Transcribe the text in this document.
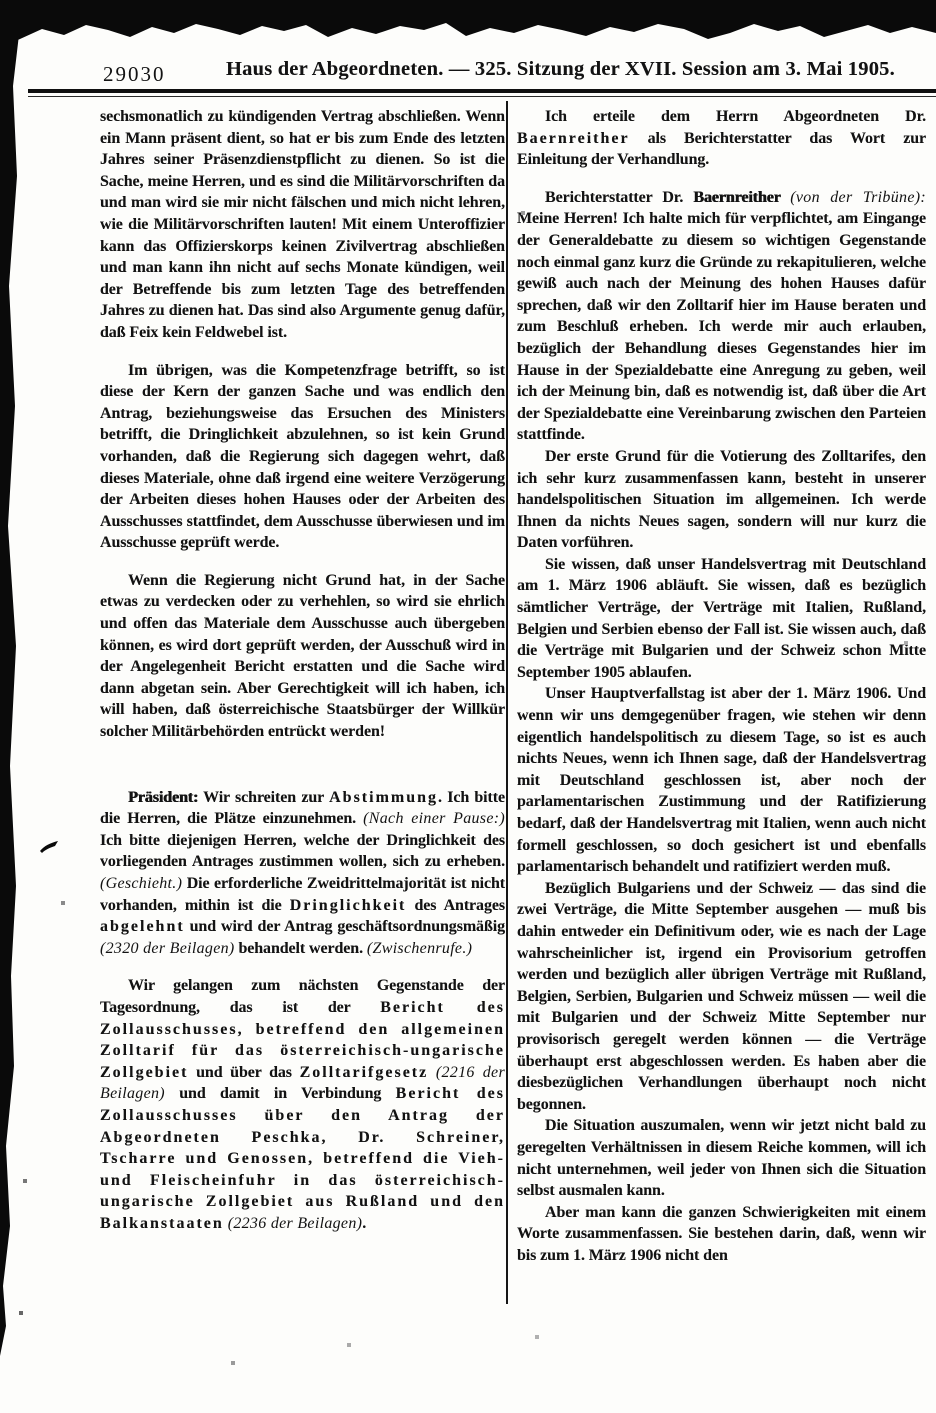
29030	Haus der Abgeordneten. — 325. Sitzung der XVII. Session am 3. Mai 1905.

sechsmonatlich zu kündigenden Vertrag abschließen. Wenn ein Mann präsent dient, so hat er bis zum Ende des letzten Jahres seiner Präsenzdienstpflicht zu dienen. So ist die Sache, meine Herren, und es sind die Militärvorschriften da und man wird sie mir nicht fälschen und mich nicht lehren, wie die Militärvorschriften lauten! Mit einem Unteroffizier kann das Offizierskorps keinen Zivilvertrag abschließen und man kann ihn nicht auf sechs Monate kündigen, weil der Betreffende bis zum letzten Tage des betreffenden Jahres zu dienen hat. Das sind also Argumente genug dafür, daß Feix kein Feldwebel ist.

Im übrigen, was die Kompetenzfrage betrifft, so ist diese der Kern der ganzen Sache und was endlich den Antrag, beziehungsweise das Ersuchen des Ministers betrifft, die Dringlichkeit abzulehnen, so ist kein Grund vorhanden, daß die Regierung sich dagegen wehrt, daß dieses Materiale, ohne daß irgend eine weitere Verzögerung der Arbeiten dieses hohen Hauses oder der Arbeiten des Ausschusses stattfindet, dem Ausschusse überwiesen und im Ausschusse geprüft werde.

Wenn die Regierung nicht Grund hat, in der Sache etwas zu verdecken oder zu verhehlen, so wird sie ehrlich und offen das Materiale dem Ausschusse auch übergeben können, es wird dort geprüft werden, der Ausschuß wird in der Angelegenheit Bericht erstatten und die Sache wird dann abgetan sein. Aber Gerechtigkeit will ich haben, ich will haben, daß österreichische Staatsbürger der Willkür solcher Militärbehörden entrückt werden!

Präsident: Wir schreiten zur Abstimmung. Ich bitte die Herren, die Plätze einzunehmen. (Nach einer Pause:) Ich bitte diejenigen Herren, welche der Dringlichkeit des vorliegenden Antrages zustimmen wollen, sich zu erheben. (Geschieht.) Die erforderliche Zweidrittelmajorität ist nicht vorhanden, mithin ist die Dringlichkeit des Antrages abgelehnt und wird der Antrag geschäftsordnungsmäßig (2320 der Beilagen) behandelt werden. (Zwischenrufe.)

Wir gelangen zum nächsten Gegenstande der Tagesordnung, das ist der Bericht des Zollausschusses, betreffend den allgemeinen Zolltarif für das österreichisch-ungarische Zollgebiet und über das Zolltarifgesetz (2216 der Beilagen) und damit in Verbindung Bericht des Zollausschusses über den Antrag der Abgeordneten Peschka, Dr. Schreiner, Tscharre und Genossen, betreffend die Vieh- und Fleischeinfuhr in das österreichisch-ungarische Zollgebiet aus Rußland und den Balkanstaaten (2236 der Beilagen).

Ich erteile dem Herrn Abgeordneten Dr. Baernreither als Berichterstatter das Wort zur Einleitung der Verhandlung.

Berichterstatter Dr. Baernreither (von der Tribüne): Meine Herren! Ich halte mich für verpflichtet, am Eingange der Generaldebatte zu diesem so wichtigen Gegenstande noch einmal ganz kurz die Gründe zu rekapitulieren, welche gewiß auch nach der Meinung des hohen Hauses dafür sprechen, daß wir den Zolltarif hier im Hause beraten und zum Beschluß erheben. Ich werde mir auch erlauben, bezüglich der Behandlung dieses Gegenstandes hier im Hause in der Spezialdebatte eine Anregung zu geben, weil ich der Meinung bin, daß es notwendig ist, daß über die Art der Spezialdebatte eine Vereinbarung zwischen den Parteien stattfinde.

Der erste Grund für die Votierung des Zolltarifes, den ich sehr kurz zusammenfassen kann, besteht in unserer handelspolitischen Situation im allgemeinen. Ich werde Ihnen da nichts Neues sagen, sondern will nur kurz die Daten vorführen.

Sie wissen, daß unser Handelsvertrag mit Deutschland am 1. März 1906 abläuft. Sie wissen, daß es bezüglich sämtlicher Verträge, der Verträge mit Italien, Rußland, Belgien und Serbien ebenso der Fall ist. Sie wissen auch, daß die Verträge mit Bulgarien und der Schweiz schon Mitte September 1905 ablaufen.

Unser Hauptverfallstag ist aber der 1. März 1906. Und wenn wir uns demgegenüber fragen, wie stehen wir denn eigentlich handelspolitisch zu diesem Tage, so ist es auch nichts Neues, wenn ich Ihnen sage, daß der Handelsvertrag mit Deutschland geschlossen ist, aber noch der parlamentarischen Zustimmung und der Ratifizierung bedarf, daß der Handelsvertrag mit Italien, wenn auch nicht formell geschlossen, so doch gesichert ist und ebenfalls parlamentarisch behandelt und ratifiziert werden muß.

Bezüglich Bulgariens und der Schweiz — das sind die zwei Verträge, die Mitte September ausgehen — muß bis dahin entweder ein Definitivum oder, wie es nach der Lage wahrscheinlicher ist, irgend ein Provisorium getroffen werden und bezüglich aller übrigen Verträge mit Rußland, Belgien, Serbien, Bulgarien und Schweiz müssen — weil die mit Bulgarien und der Schweiz Mitte September nur provisorisch geregelt werden können — die Verträge überhaupt erst abgeschlossen werden. Es haben aber die diesbezüglichen Verhandlungen überhaupt noch nicht begonnen.

Die Situation auszumalen, wenn wir jetzt nicht bald zu geregelten Verhältnissen in diesem Reiche kommen, will ich nicht unternehmen, weil jeder von Ihnen sich die Situation selbst ausmalen kann.

Aber man kann die ganzen Schwierigkeiten mit einem Worte zusammenfassen. Sie bestehen darin, daß, wenn wir bis zum 1. März 1906 nicht den
